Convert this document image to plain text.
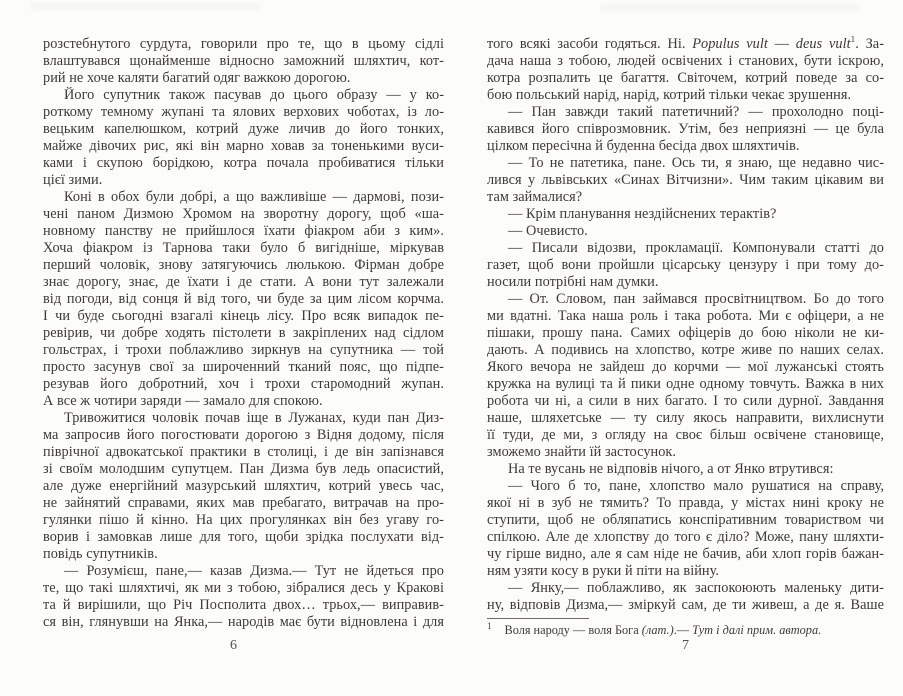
розстебнутого сурдута, говорили про те, що в цьому сідлі
влаштувався щонайменше відносно заможний шляхтич, кот-
рий не хоче каляти багатий одяг важкою дорогою.
Його супутник також пасував до цього образу — у ко-
роткому темному жупані та ялових верхових чоботах, із ло-
вецьким капелюшком, котрий дуже личив до його тонких,
майже дівочих рис, які він марно ховав за тоненькими вуси-
ками і скупою борідкою, котра почала пробиватися тільки
цієї зими.
Коні в обох були добрі, а що важливіше — дармові, пози-
чені паном Дизмою Хромом на зворотну дорогу, щоб «ша-
новному панству не прийшлося їхати фіакром аби з ким».
Хоча фіакром із Тарнова таки було б вигідніше, міркував
перший чоловік, знову затягуючись люлькою. Фірман добре
знає дорогу, знає, де їхати і де стати. А вони тут залежали
від погоди, від сонця й від того, чи буде за цим лісом корчма.
І чи буде сьогодні взагалі кінець лісу. Про всяк випадок пе-
ревірив, чи добре ходять пістолети в закріплених над сідлом
гольстрах, і трохи поблажливо зиркнув на супутника — той
просто засунув свої за широченний тканий пояс, що підпе-
резував його добротний, хоч і трохи старомодний жупан.
А все ж чотири заряди — замало для спокою.
Тривожитися чоловік почав іще в Лужанах, куди пан Диз-
ма запросив його погостювати дорогою з Відня додому, після
піврічної адвокатської практики в столиці, і де він запізнався
зі своїм молодшим супутцем. Пан Дизма був ледь опасистий,
але дуже енергійний мазурський шляхтич, котрий увесь час,
не зайнятий справами, яких мав пребагато, витрачав на про-
гулянки пішо й кінно. На цих прогулянках він без угаву го-
ворив і замовкав лише для того, щоби зрідка послухати від-
повідь супутників.
— Розумієш, пане,— казав Дизма.— Тут не йдеться про
те, що такі шляхтичі, як ми з тобою, зібралися десь у Кракові
та й вирішили, що Річ Посполита двох… трьох,— виправив-
ся він, глянувши на Янка,— народів має бути відновлена і для
того всякі засоби годяться. Ні. Populus vult — deus vult$^1$. За-
дача наша з тобою, людей освічених і станових, бути іскрою,
котра розпалить це багаття. Світочем, котрий поведе за со-
бою польський нарід, нарід, котрий тільки чекає зрушення.
— Пан завжди такий патетичний? — прохолодно поці-
кавився його співрозмовник. Утім, без неприязні — це була
цілком пересічна й буденна бесіда двох шляхтичів.
— То не патетика, пане. Ось ти, я знаю, ще недавно чис-
лився у львівських «Синах Вітчизни». Чим таким цікавим ви
там займалися?
— Крім планування нездійснених терактів?
— Очевисто.
— Писали відозви, прокламації. Компонували статті до
газет, щоб вони пройшли цісарську цензуру і при тому до-
носили потрібні нам думки.
— От. Словом, пан займався просвітництвом. Бо до того
ми вдатні. Така наша роль і така робота. Ми є офіцери, а не
пішаки, прошу пана. Самих офіцерів до бою ніколи не ки-
дають. А подивись на хлопство, котре живе по наших селах.
Якого вечора не зайдеш до корчми — мої лужанські стоять
кружка на вулиці та й пики одне одному товчуть. Важка в них
робота чи ні, а сили в них багато. І то сили дурної. Завдання
наше, шляхетське — ту силу якось направити, вихлиснути
її туди, де ми, з огляду на своє більш освічене становище,
зможемо знайти їй застосунок.
На те вусань не відповів нічого, а от Янко втрутився:
— Чого б то, пане, хлопство мало рушатися на справу,
якої ні в зуб не тямить? То правда, у містах нині кроку не
ступити, щоб не обляпатись конспіративним товариством чи
спілкою. Але де хлопству до того є діло? Може, пану шляхти-
чу гірше видно, але я сам ніде не бачив, аби хлоп горів бажан-
ням узяти косу в руки й піти на війну.
— Янку,— поблажливо, як заспокоюють маленьку дити-
ну, відповів Дизма,— зміркуй сам, де ти живеш, а де я. Ваше
$^1$ Воля народу — воля Бога (лат.).— Тут і далі прим. автора.
6	7
